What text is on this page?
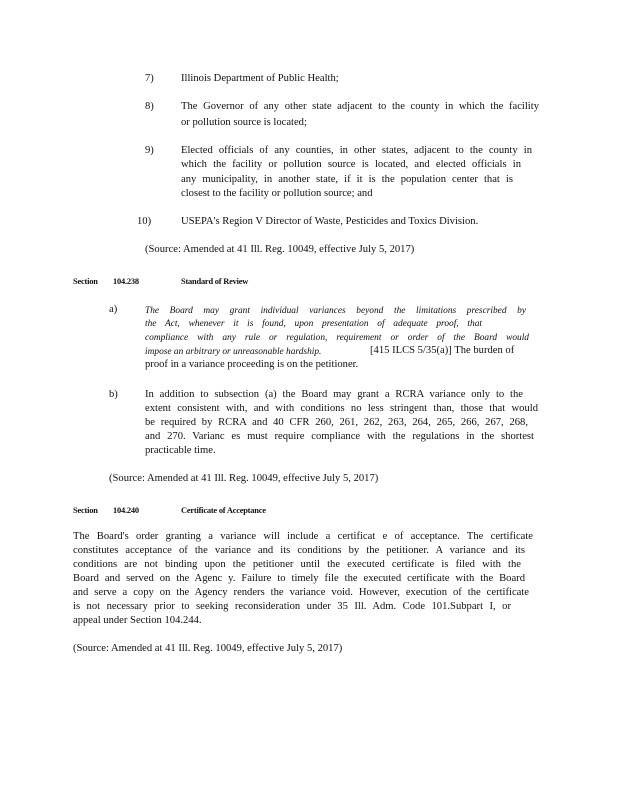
7)	Illinois Department of Public Health;
8)	The Governor of any other state adjacent to the county in which the facility
or pollution source is located;
9)	Elected officials of any counties, in other states, adjacent to the county in
which the facility or pollution source is located, and elected officials in
any municipality, in another state, if it is the population center that is
closest to the facility or pollution source; and
10)	USEPA's Region V Director of Waste, Pesticides and Toxics Division.
(Source: Amended at 41 Ill. Reg. 10049, effective July 5, 2017)
Section 104.238	Standard of Review
a)	The Board may grant individual variances beyond the limitations prescribed by
the Act, whenever it is found, upon presentation of adequate proof, that
compliance with any rule or regulation, requirement or order of the Board would
impose an arbitrary or unreasonable hardship.	[415 ILCS 5/35(a)] The burden of
proof in a variance proceeding is on the petitioner.
b)	In addition to subsection (a) the Board may grant a RCRA variance only to the
extent consistent with, and with conditions no less stringent than, those that would
be required by RCRA and 40 CFR 260, 261, 262, 263, 264, 265, 266, 267, 268,
and 270. Varianc es must require compliance with the regulations in the shortest
practicable time.
(Source: Amended at 41 Ill. Reg. 10049, effective July 5, 2017)
Section 104.240	Certificate of Acceptance
The Board's order granting a variance will include a certificat e of acceptance. The certificate
constitutes acceptance of the variance and its conditions by the petitioner. A variance and its
conditions are not binding upon the petitioner until the executed certificate is filed with the
Board and served on the Agenc y. Failure to timely file the executed certificate with the Board
and serve a copy on the Agency renders the variance void. However, execution of the certificate
is not necessary prior to seeking reconsideration under 35 Ill. Adm. Code 101.Subpart I, or
appeal under Section 104.244.
(Source: Amended at 41 Ill. Reg. 10049, effective July 5, 2017)
